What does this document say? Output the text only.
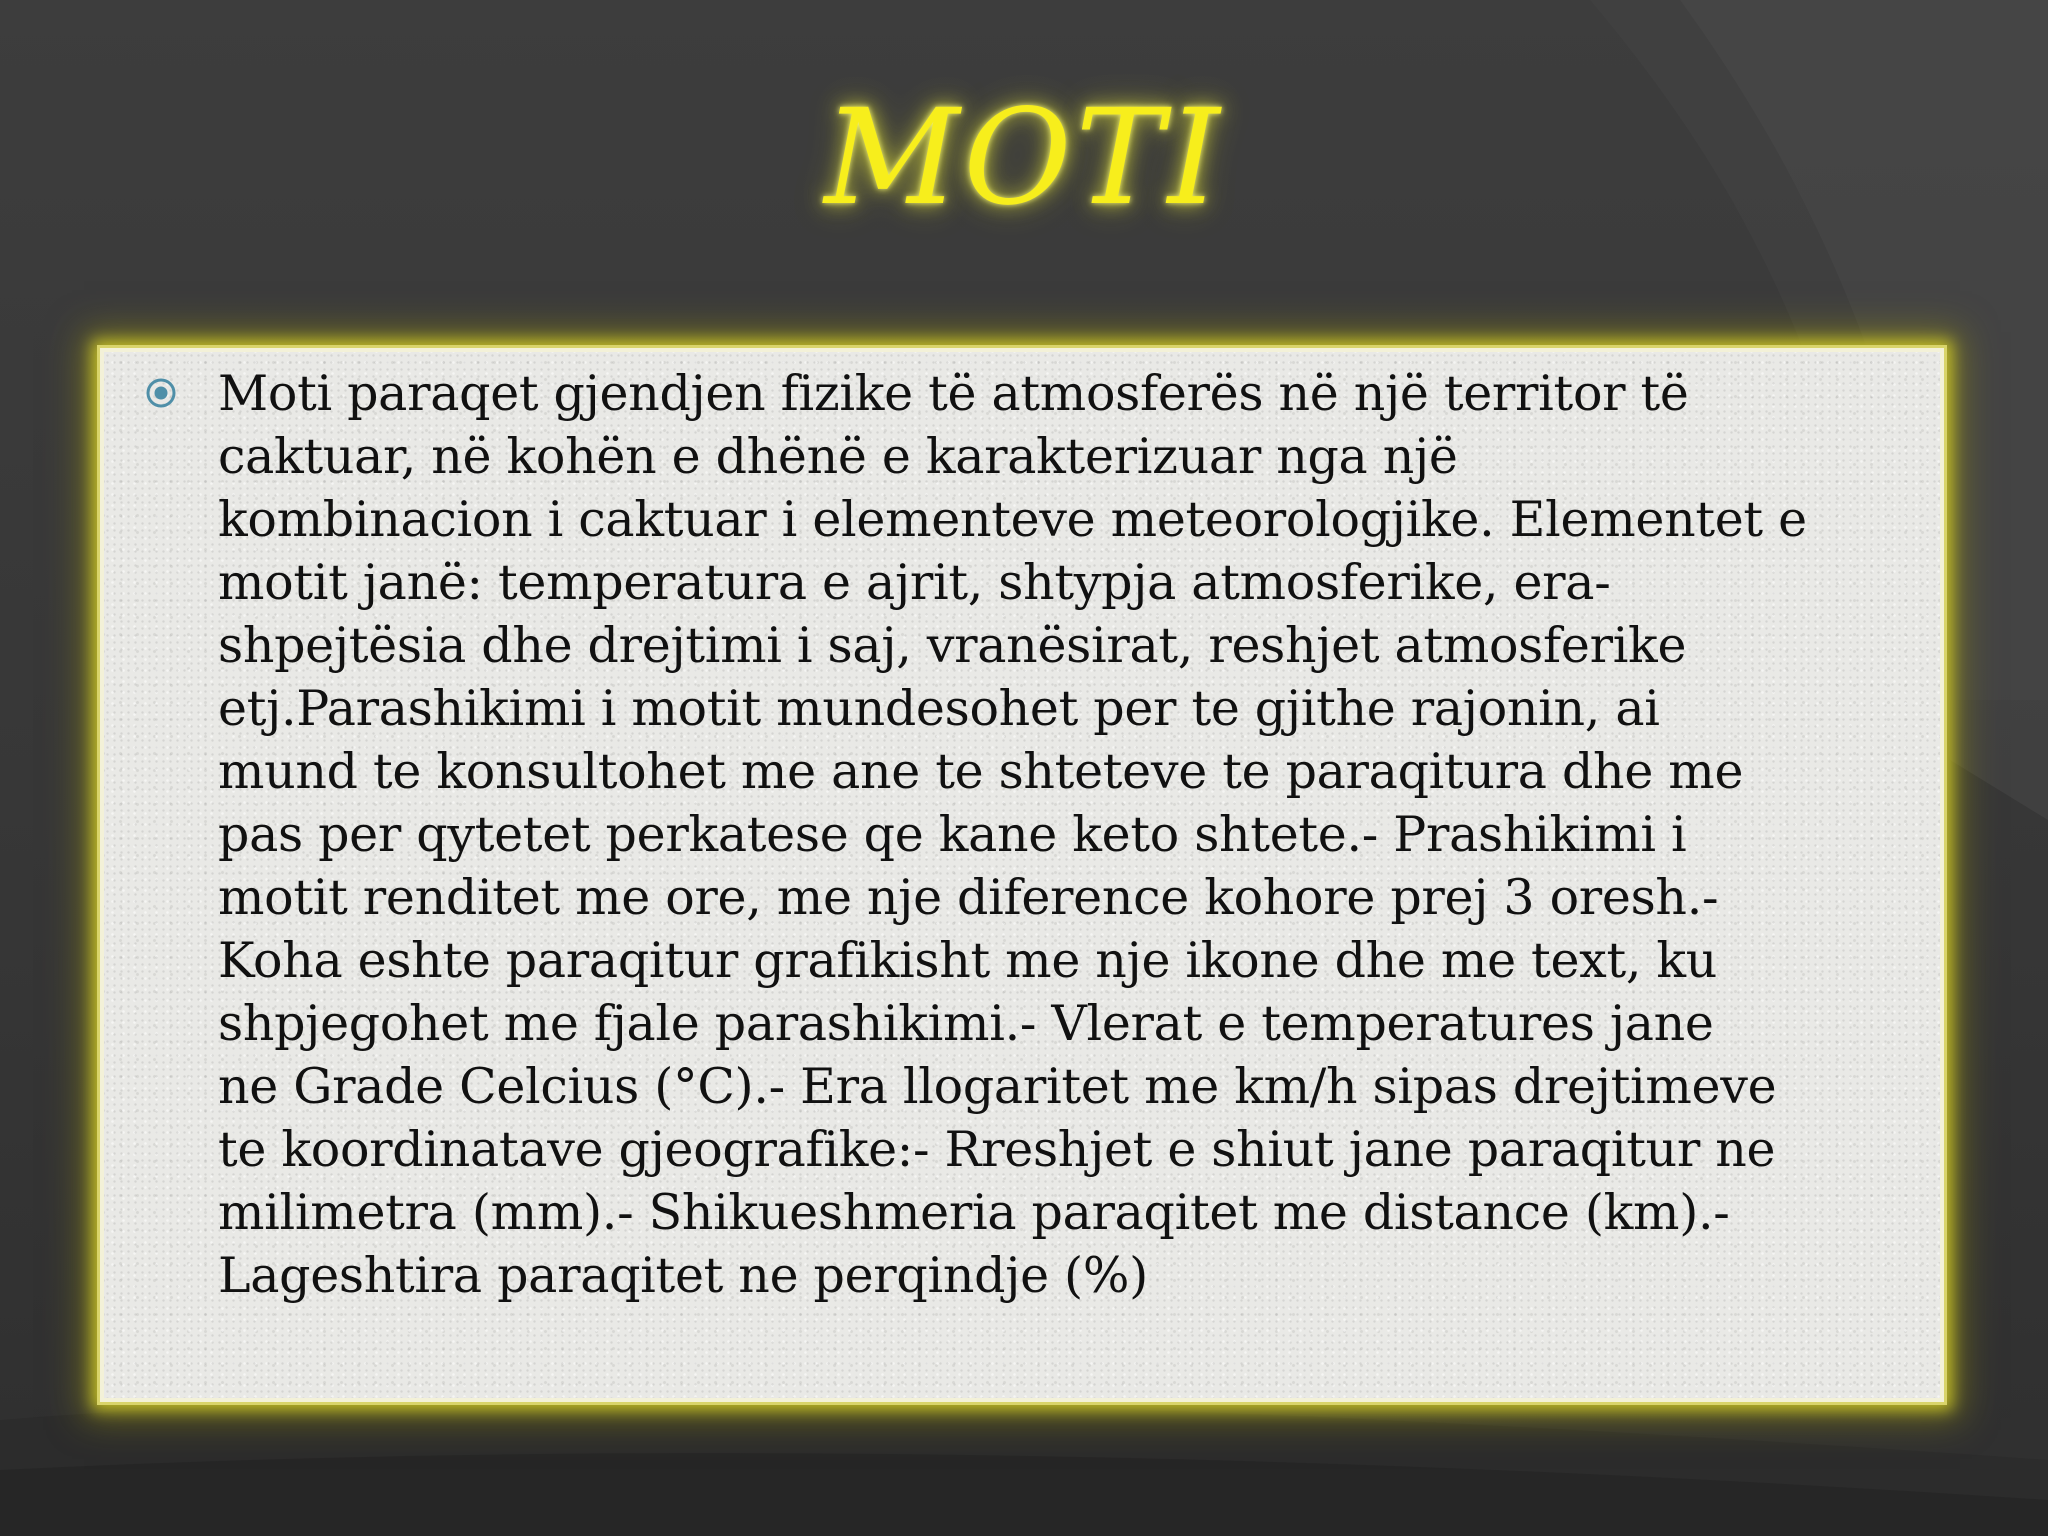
MOTI

Moti paraqet gjendjen fizike të atmosferës në një territor të
caktuar, në kohën e dhënë e karakterizuar nga një
kombinacion i caktuar i elementeve meteorologjike. Elementet e
motit janë: temperatura e ajrit, shtypja atmosferike, era-
shpejtësia dhe drejtimi i saj, vranësirat, reshjet atmosferike
etj.Parashikimi i motit mundesohet per te gjithe rajonin, ai
mund te konsultohet me ane te shteteve te paraqitura dhe me
pas per qytetet perkatese qe kane keto shtete.- Prashikimi i
motit renditet me ore, me nje diference kohore prej 3 oresh.-
Koha eshte paraqitur grafikisht me nje ikone dhe me text, ku
shpjegohet me fjale parashikimi.- Vlerat e temperatures jane
ne Grade Celcius (°C).- Era llogaritet me km/h sipas drejtimeve
te koordinatave gjeografike:- Rreshjet e shiut jane paraqitur ne
milimetra (mm).- Shikueshmeria paraqitet me distance (km).-
Lageshtira paraqitet ne perqindje (%)
